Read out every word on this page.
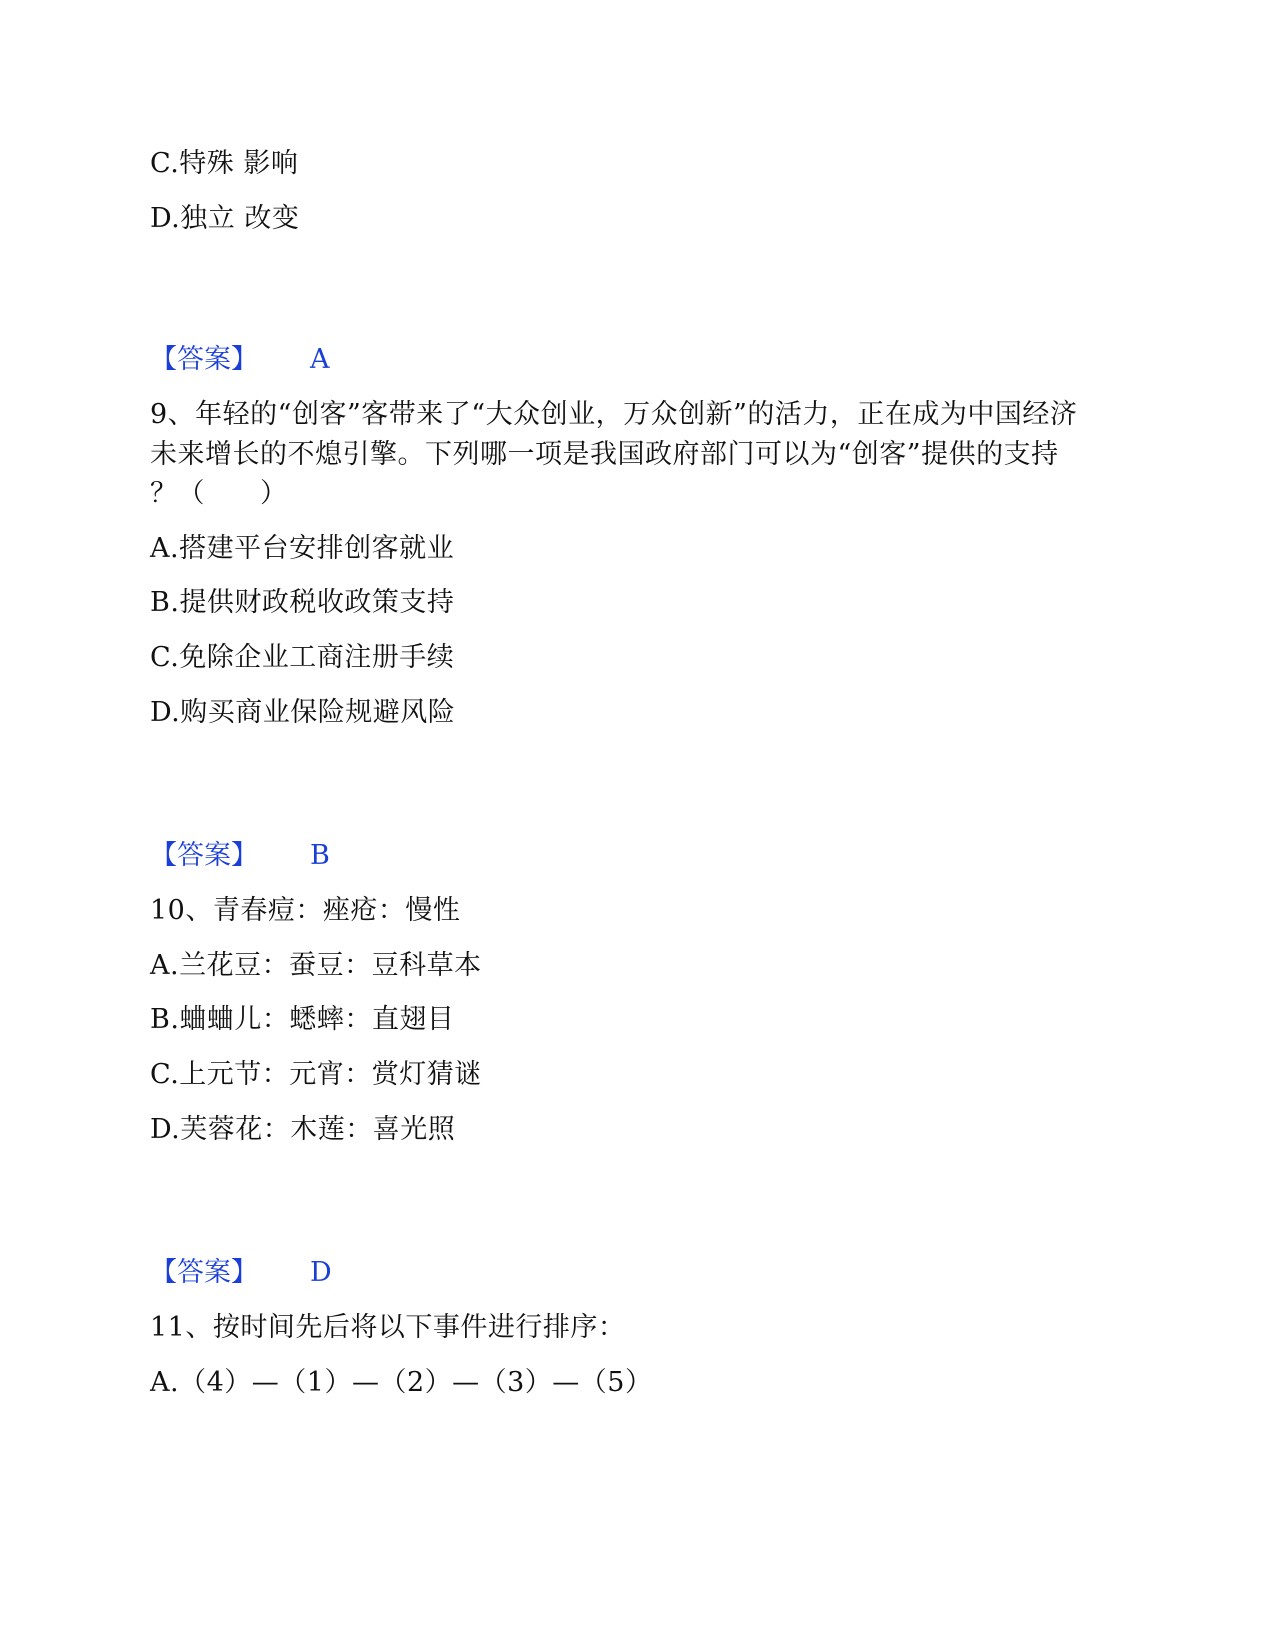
C.特殊 影响
D.独立 改变
【答案】 A
9、年轻的“创客”客带来了“大众创业，万众创新”的活力，正在成为中国经济
未来增长的不熄引擎。下列哪一项是我国政府部门可以为“创客”提供的支持
？（　　）
A.搭建平台安排创客就业
B.提供财政税收政策支持
C.免除企业工商注册手续
D.购买商业保险规避风险
【答案】 B
10、青春痘：痤疮：慢性
A.兰花豆：蚕豆：豆科草本
B.蛐蛐儿：蟋蟀：直翅目
C.上元节：元宵：赏灯猜谜
D.芙蓉花：木莲：喜光照
【答案】 D
11、按时间先后将以下事件进行排序：
A.（4）—（1）—（2）—（3）—（5）
